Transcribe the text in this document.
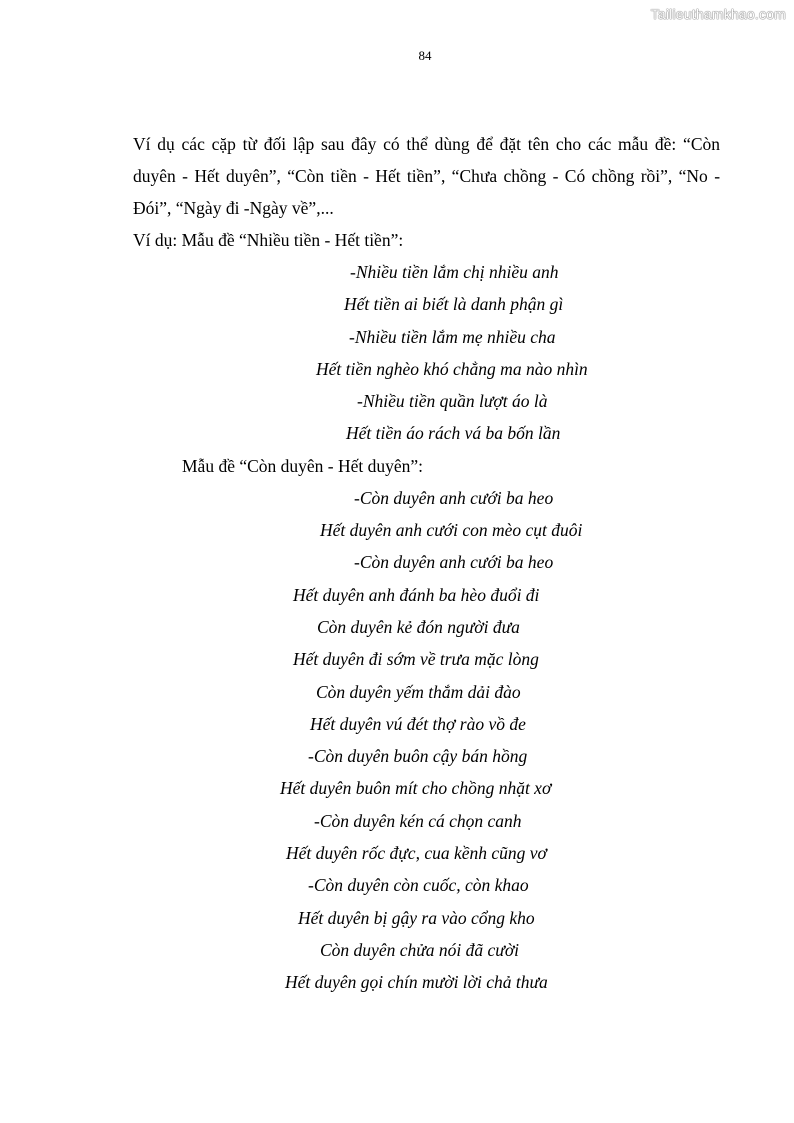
Tailieuthamkhao.com
84

Ví dụ các cặp từ đối lập sau đây có thể dùng để đặt tên cho các mẫu đề: “Còn duyên - Hết duyên”, “Còn tiền - Hết tiền”, “Chưa chồng - Có chồng rồi”, “No - Đói”, “Ngày đi -Ngày về”,...

Ví dụ: Mẫu đề “Nhiều tiền - Hết tiền”:

-Nhiều tiền lắm chị nhiều anh
Hết tiền ai biết là danh phận gì
-Nhiều tiền lắm mẹ nhiều cha
Hết tiền nghèo khó chẳng ma nào nhìn
-Nhiều tiền quần lượt áo là
Hết tiền áo rách vá ba bốn lần

Mẫu đề “Còn duyên - Hết duyên”:

-Còn duyên anh cưới ba heo
Hết duyên anh cưới con mèo cụt đuôi
-Còn duyên anh cưới ba heo
Hết duyên anh đánh ba hèo đuổi đi
Còn duyên kẻ đón người đưa
Hết duyên đi sớm về trưa mặc lòng
Còn duyên yếm thắm dải đào
Hết duyên vú đét thợ rào vồ đe
-Còn duyên buôn cậy bán hồng
Hết duyên buôn mít cho chồng nhặt xơ
-Còn duyên kén cá chọn canh
Hết duyên rốc đực, cua kềnh cũng vơ
-Còn duyên còn cuốc, còn khao
Hết duyên bị gậy ra vào cổng kho
Còn duyên chửa nói đã cười
Hết duyên gọi chín mười lời chả thưa
